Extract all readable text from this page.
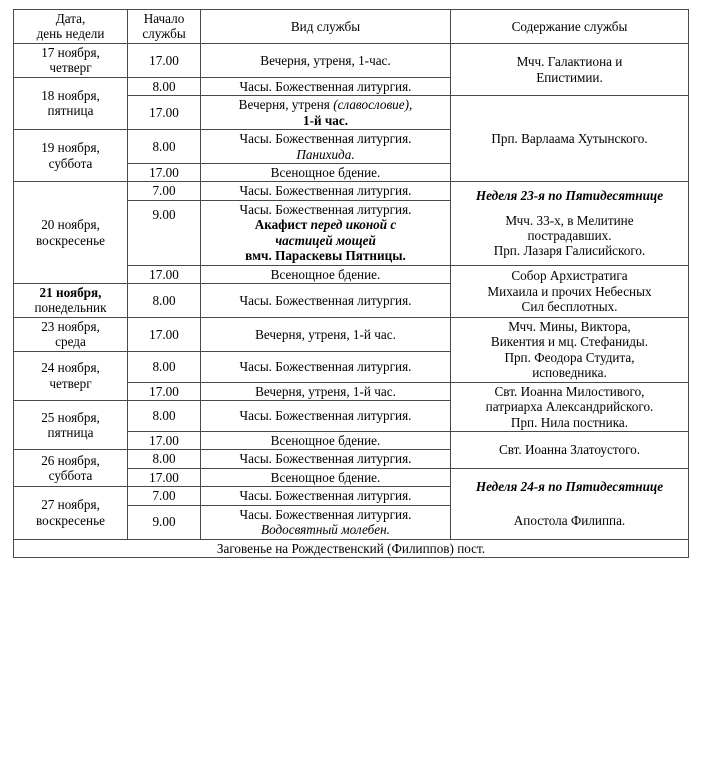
Дата,
день недели	Начало
службы	Вид службы	Содержание службы

17 ноября,
четверг	17.00	Вечерня, утреня, 1-час.	Мчч. Галактиона и
Епистимии.

18 ноября,
пятница	8.00	Часы. Божественная литургия.	
	17.00	Вечерня, утреня (славословие),
1-й час.	Прп. Варлаама Хутынского.

19 ноября,
суббота	8.00	Часы. Божественная литургия.
Панихида.	

	17.00	Всенощное бдение.	

20 ноября,
воскресенье	7.00	Часы. Божественная литургия.	Неделя 23-я по Пятидесятнице
Мчч. 33-х, в Мелитине
пострадавших.
Прп. Лазаря Галисийского.

	9.00	Часы. Божественная литургия.
Акафист перед иконой с
частицей мощей
вмч. Параскевы Пятницы.	

	17.00	Всенощное бдение.	Собор Архистратига
Михаила и прочих Небесных
Сил бесплотных.

21 ноября,
понедельник	8.00	Часы. Божественная литургия.	

23 ноября,
среда	17.00	Вечерня, утреня, 1-й час.	Мчч. Мины, Виктора,
Викентия и мц. Стефаниды.
Прп. Феодора Студита,
исповедника.

24 ноября,
четверг	8.00	Часы. Божественная литургия.	
	17.00	Вечерня, утреня, 1-й час.	Свт. Иоанна Милостивого,
патриарха Александрийского.
Прп. Нила постника.

25 ноября,
пятница	8.00	Часы. Божественная литургия.	
	17.00	Всенощное бдение.	Свт. Иоанна Златоустого.

26 ноября,
суббота	8.00	Часы. Божественная литургия.	
	17.00	Всенощное бдение.	Неделя 24-я по Пятидесятнице
Апостола Филиппа.

27 ноября,
воскресенье	7.00	Часы. Божественная литургия.	
	9.00	Часы. Божественная литургия.
Водосвятный молебен.	

Заговенье на Рождественский (Филиппов) пост.			
